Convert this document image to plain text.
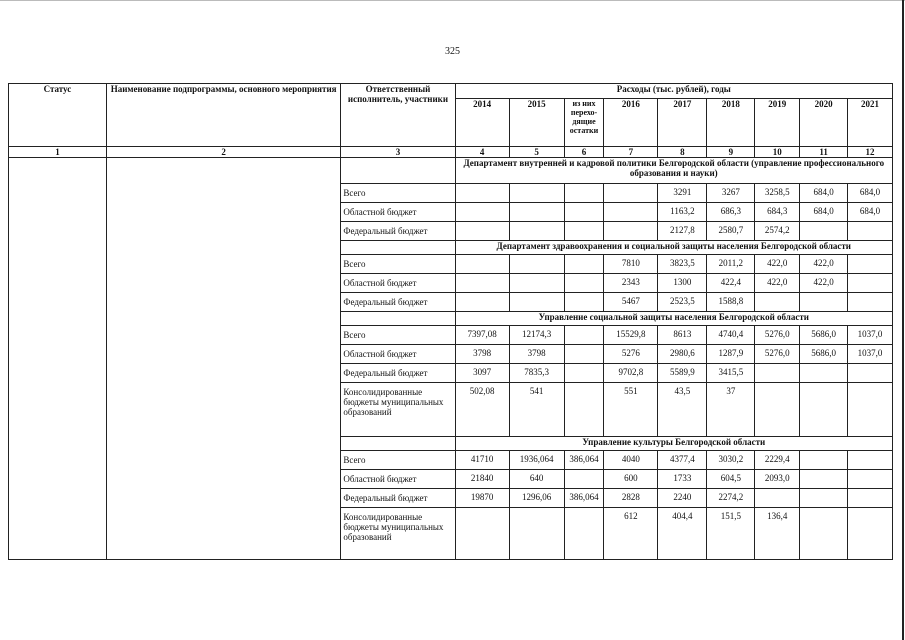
325
Статус	Наименование подпрограммы, основного мероприятия	Ответственный исполнитель, участники	Расходы (тыс. рублей), годы								
			2014	2015	из них перехо-дящие остатки	2016	2017	2018	2019	2020	2021
1	2	3	4	5	6	7	8	9	10	11	12
			Департамент внутренней и кадровой политики Белгородской области (управление профессионального образования и науки)								
		Всего					3291	3267	3258,5	684,0	684,0
		Областной бюджет					1163,2	686,3	684,3	684,0	684,0
		Федеральный бюджет					2127,8	2580,7	2574,2		
			Департамент здравоохранения и социальной защиты населения Белгородской области								
		Всего				7810	3823,5	2011,2	422,0	422,0	
		Областной бюджет				2343	1300	422,4	422,0	422,0	
		Федеральный бюджет				5467	2523,5	1588,8			
			Управление социальной защиты населения Белгородской области								
		Всего	7397,08	12174,3		15529,8	8613	4740,4	5276,0	5686,0	1037,0
		Областной бюджет	3798	3798		5276	2980,6	1287,9	5276,0	5686,0	1037,0
		Федеральный бюджет	3097	7835,3		9702,8	5589,9	3415,5			
		Консолидированные бюджеты муниципальных образований	502,08	541		551	43,5	37			
			Управление культуры Белгородской области								
		Всего	41710	1936,064	386,064	4040	4377,4	3030,2	2229,4		
		Областной бюджет	21840	640		600	1733	604,5	2093,0		
		Федеральный бюджет	19870	1296,06	386,064	2828	2240	2274,2			
		Консолидированные бюджеты муниципальных образований				612	404,4	151,5	136,4		
